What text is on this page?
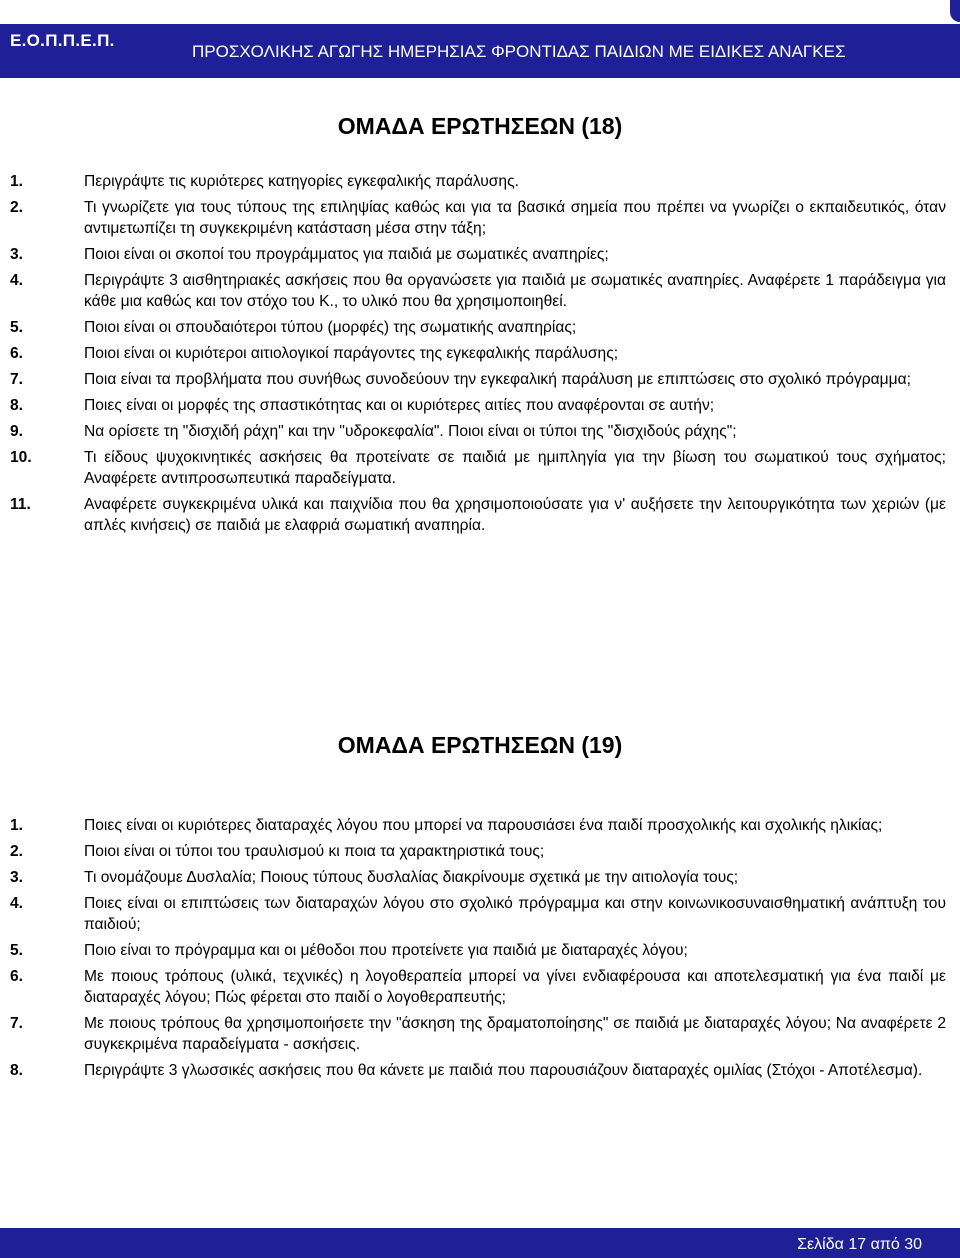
Ε.Ο.Π.Π.Ε.Π.
ΠΡΟΣΧΟΛΙΚΗΣ ΑΓΩΓΗΣ ΗΜΕΡΗΣΙΑΣ ΦΡΟΝΤΙΔΑΣ ΠΑΙΔΙΩΝ ΜΕ ΕΙΔΙΚΕΣ ΑΝΑΓΚΕΣ
ΟΜΑΔΑ ΕΡΩΤΗΣΕΩΝ (18)
1.	Περιγράψτε τις κυριότερες κατηγορίες εγκεφαλικής παράλυσης.
2.	Τι γνωρίζετε για τους τύπους της επιληψίας καθώς και για τα βασικά σημεία που πρέπει να γνωρίζει ο εκπαιδευτικός, όταν αντιμετωπίζει τη συγκεκριμένη κατάσταση μέσα στην τάξη;
3.	Ποιοι είναι οι σκοποί του προγράμματος για παιδιά με σωματικές αναπηρίες;
4.	Περιγράψτε 3 αισθητηριακές ασκήσεις που θα οργανώσετε για παιδιά με σωματικές αναπηρίες. Αναφέρετε 1 παράδειγμα για κάθε μια καθώς και τον στόχο του Κ., το υλικό που θα χρησιμοποιηθεί.
5.	Ποιοι είναι οι σπουδαιότεροι τύπου (μορφές) της σωματικής αναπηρίας;
6.	Ποιοι είναι οι κυριότεροι αιτιολογικοί παράγοντες της εγκεφαλικής παράλυσης;
7.	Ποια είναι τα προβλήματα που συνήθως συνοδεύουν την εγκεφαλική παράλυση με επιπτώσεις στο σχολικό πρόγραμμα;
8.	Ποιες είναι οι μορφές της σπαστικότητας και οι κυριότερες αιτίες που αναφέρονται σε αυτήν;
9.	Να ορίσετε τη "δισχιδή ράχη" και την "υδροκεφαλία". Ποιοι είναι οι τύποι της "δισχιδούς ράχης";
10.	Τι είδους ψυχοκινητικές ασκήσεις θα προτείνατε σε παιδιά με ημιπληγία για την βίωση του σωματικού τους σχήματος; Αναφέρετε αντιπροσωπευτικά παραδείγματα.
11.	Αναφέρετε συγκεκριμένα υλικά και παιχνίδια που θα χρησιμοποιούσατε για ν' αυξήσετε την λειτουργικότητα των χεριών (με απλές κινήσεις) σε παιδιά με ελαφριά σωματική αναπηρία.
ΟΜΑΔΑ ΕΡΩΤΗΣΕΩΝ (19)
1.	Ποιες είναι οι κυριότερες διαταραχές λόγου που μπορεί να παρουσιάσει ένα παιδί προσχολικής και σχολικής ηλικίας;
2.	Ποιοι είναι οι τύποι του τραυλισμού κι ποια τα χαρακτηριστικά τους;
3.	Τι ονομάζουμε Δυσλαλία; Ποιους τύπους δυσλαλίας διακρίνουμε σχετικά με την αιτιολογία τους;
4.	Ποιες είναι οι επιπτώσεις των διαταραχών λόγου στο σχολικό πρόγραμμα και στην κοινωνικοσυναισθηματική ανάπτυξη του παιδιού;
5.	Ποιο είναι το πρόγραμμα και οι μέθοδοι που προτείνετε για παιδιά με διαταραχές λόγου;
6.	Με ποιους τρόπους (υλικά, τεχνικές) η λογοθεραπεία μπορεί να γίνει ενδιαφέρουσα και αποτελεσματική για ένα παιδί με διαταραχές λόγου; Πώς φέρεται στο παιδί ο λογοθεραπευτής;
7.	Με ποιους τρόπους θα χρησιμοποιήσετε την "άσκηση της δραματοποίησης" σε παιδιά με διαταραχές λόγου; Να αναφέρετε 2 συγκεκριμένα παραδείγματα - ασκήσεις.
8.	Περιγράψτε 3 γλωσσικές ασκήσεις που θα κάνετε με παιδιά που παρουσιάζουν διαταραχές ομιλίας (Στόχοι - Αποτέλεσμα).
Σελίδα 17 από 30
